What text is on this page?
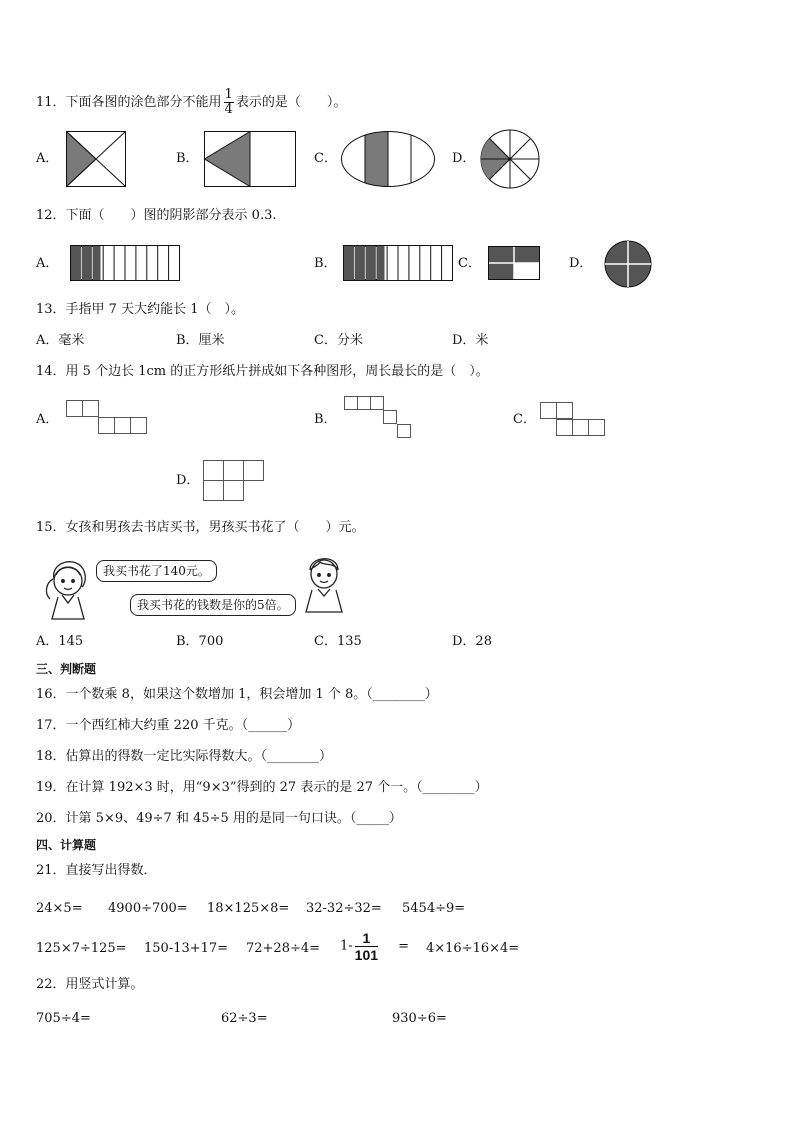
11．下面各图的涂色部分不能用 $\frac{1}{4}$ 表示的是（　　）。
A．	B．	C．	D．
12．下面（　　）图的阴影部分表示 0.3.
A．	B．	C．	D．
13．手指甲 7 天大约能长 1（　）。
A．毫米	B．厘米	C．分米	D．米
14．用 5 个边长 1cm 的正方形纸片拼成如下各种图形，周长最长的是（　）。
A．	B．	C．
D．
15．女孩和男孩去书店买书，男孩买书花了（　　）元。
我买书花了140元。
我买书花的钱数是你的5倍。
A．145	B．700	C．135	D．28
三、判断题
16．一个数乘 8，如果这个数增加 1，积会增加 1 个 8。（________）
17．一个西红柿大约重 220 千克。（______）
18．估算出的得数一定比实际得数大。（________）
19．在计算 192×3 时，用“9×3”得到的 27 表示的是 27 个一。（________）
20．计第 5×9、49÷7 和 45÷5 用的是同一句口诀。（_____）
四、计算题
21．直接写出得数．
24×5= 4900÷700= 18×125×8= 32-32÷32= 5454÷9=
$125\times 7\div 125= 150-13+17= 72+28\div 4= 1- \frac{1}{101} = 4\times 16\div 16\times 4=$
22．用竖式计算。
705÷4=	62÷3=	930÷6=
